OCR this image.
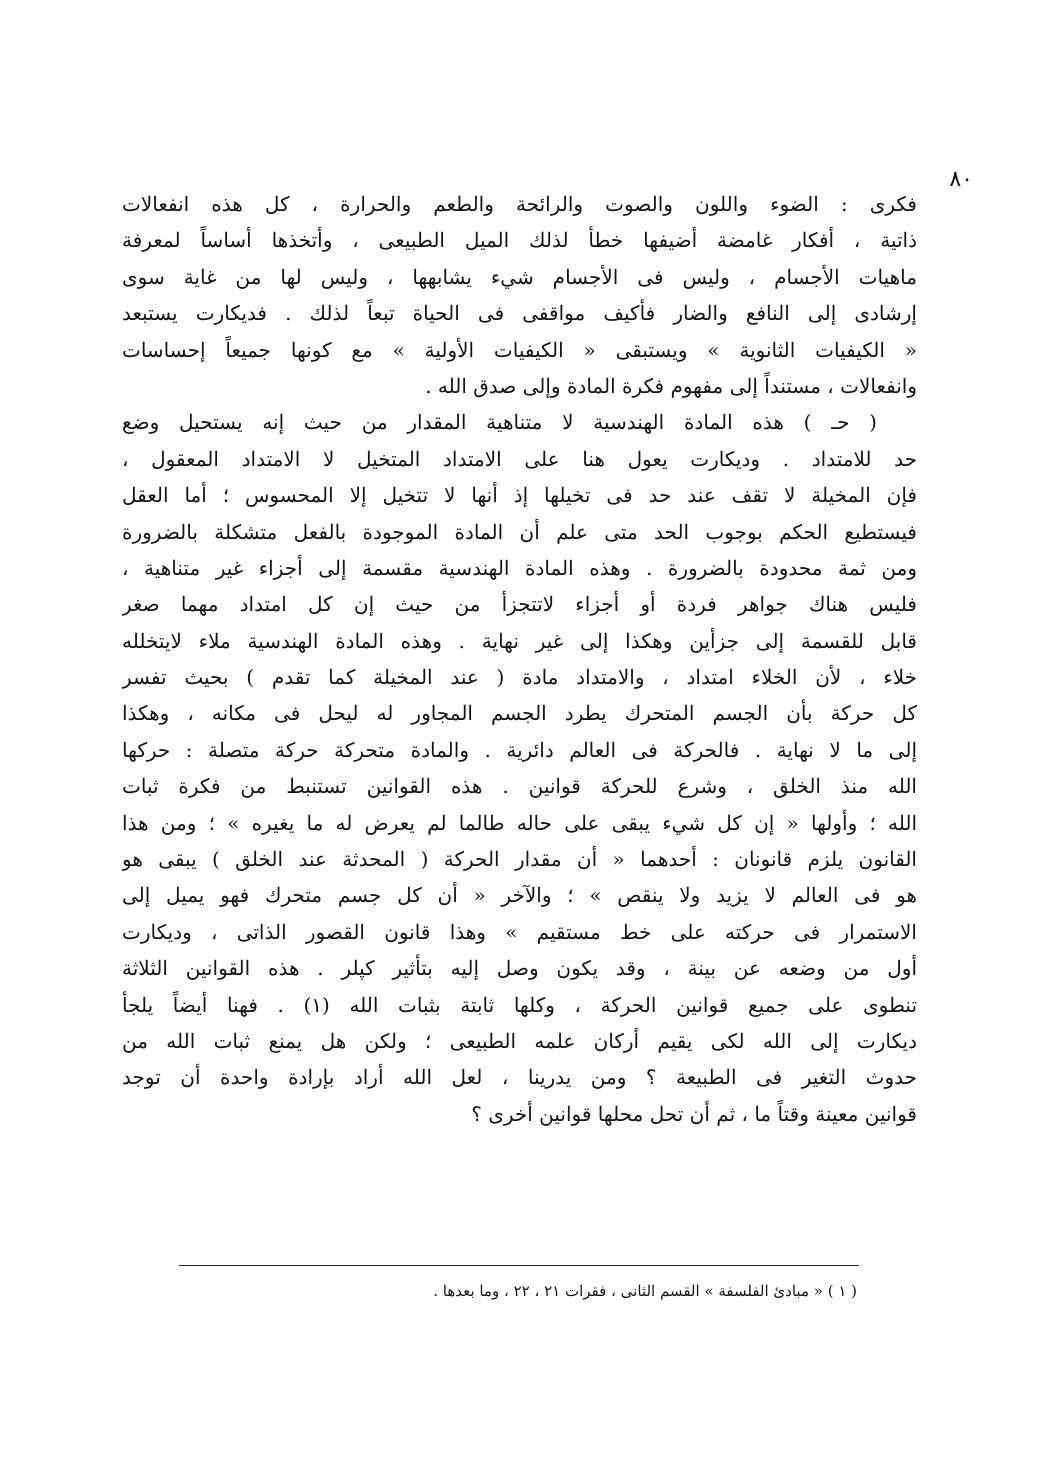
٨٠
فكرى : الضوء واللون والصوت والرائحة والطعم والحرارة ، كل هذه انفعالات
ذاتية ، أفكار غامضة أضيفها خطأ لذلك الميل الطبيعى ، وأتخذها أساساً لمعرفة
ماهيات الأجسام ، وليس فى الأجسام شيء يشابهها ، وليس لها من غاية سوى
إرشادى إلى النافع والضار فأكيف مواقفى فى الحياة تبعاً لذلك . فديكارت يستبعد
« الكيفيات الثانوية » ويستبقى « الكيفيات الأولية » مع كونها جميعاً إحساسات
وانفعالات ، مستنداً إلى مفهوم فكرة المادة وإلى صدق الله .
( حـ ) هذه المادة الهندسية لا متناهية المقدار من حيث إنه يستحيل وضع
حد للامتداد . وديكارت يعول هنا على الامتداد المتخيل لا الامتداد المعقول ،
فإن المخيلة لا تقف عند حد فى تخيلها إذ أنها لا تتخيل إلا المحسوس ؛ أما العقل
فيستطيع الحكم بوجوب الحد متى علم أن المادة الموجودة بالفعل متشكلة بالضرورة
ومن ثمة محدودة بالضرورة . وهذه المادة الهندسية مقسمة إلى أجزاء غير متناهية ،
فليس هناك جواهر فردة أو أجزاء لاتتجزأ من حيث إن كل امتداد مهما صغر
قابل للقسمة إلى جزأين وهكذا إلى غير نهاية . وهذه المادة الهندسية ملاء لايتخلله
خلاء ، لأن الخلاء امتداد ، والامتداد مادة ( عند المخيلة كما تقدم ) بحيث تفسر
كل حركة بأن الجسم المتحرك يطرد الجسم المجاور له ليحل فى مكانه ، وهكذا
إلى ما لا نهاية . فالحركة فى العالم دائرية . والمادة متحركة حركة متصلة : حركها
الله منذ الخلق ، وشرع للحركة قوانين . هذه القوانين تستنبط من فكرة ثبات
الله ؛ وأولها « إن كل شيء يبقى على حاله طالما لم يعرض له ما يغيره » ؛ ومن هذا
القانون يلزم قانونان : أحدهما « أن مقدار الحركة ( المحدثة عند الخلق ) يبقى هو
هو فى العالم لا يزيد ولا ينقص » ؛ والآخر « أن كل جسم متحرك فهو يميل إلى
الاستمرار فى حركته على خط مستقيم » وهذا قانون القصور الذاتى ، وديكارت
أول من وضعه عن بينة ، وقد يكون وصل إليه بتأثير كپلر . هذه القوانين الثلاثة
تنطوى على جميع قوانين الحركة ، وكلها ثابتة بثبات الله (١) . فهنا أيضاً يلجأ
ديكارت إلى الله لكى يقيم أركان علمه الطبيعى ؛ ولكن هل يمنع ثبات الله من
حدوث التغير فى الطبيعة ؟ ومن يدرينا ، لعل الله أراد بإرادة واحدة أن توجد
قوانين معينة وقتاً ما ، ثم أن تحل محلها قوانين أخرى ؟
( ١ ) « مبادئ الفلسفة » القسم الثانى ، فقرات ٢١ ، ٢٢ ، وما بعدها .
